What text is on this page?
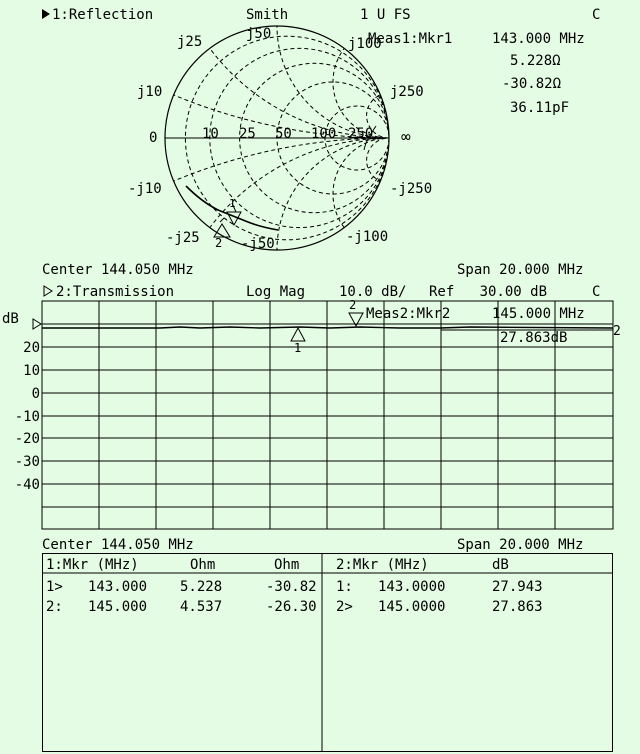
1:Reflection	Smith	1 U FS	C
Meas1:Mkr1	143.000 MHz
5.228Ω
-30.82Ω
36.11pF
j50
j25	j100
j10	j250
0	10 25 50 100 250 ∞
-j10	-j250
-j25	-j50	-j100
1
2
Center 144.050 MHz	Span 20.000 MHz
2:Transmission	Log Mag 10.0 dB/ Ref   30.00 dB	C
dB
20
10
0
-10
-20
-30
-40
1
2
2
Meas2:Mkr2	145.000 MHz
27.863dB
Center 144.050 MHz	Span 20.000 MHz
1:Mkr (MHz)	Ohm	Ohm
1> 143.000 5.228	-30.82
2: 145.000 4.537	-26.30
2:Mkr (MHz)	dB
1: 143.0000	27.943
2> 145.0000	27.863
